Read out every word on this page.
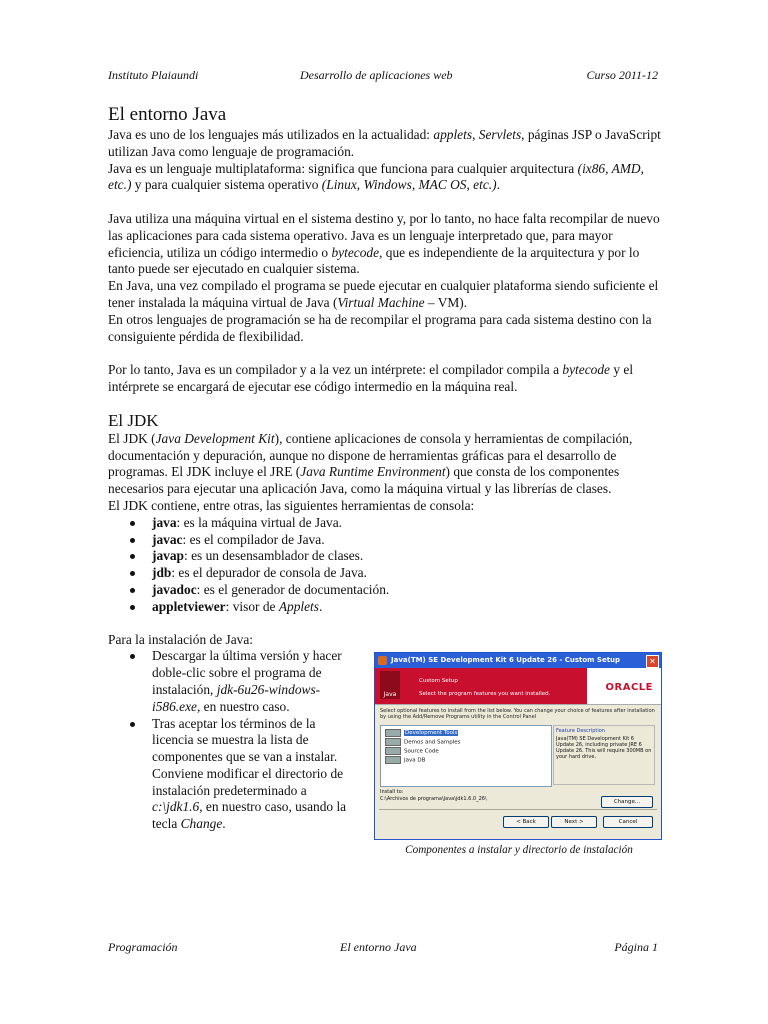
Instituto Plaiaundi	Desarrollo de aplicaciones web	Curso 2011-12
El entorno Java

Java es uno de los lenguajes más utilizados en la actualidad: applets, Servlets, páginas JSP o JavaScript utilizan Java como lenguaje de programación.

Java es un lenguaje multiplataforma: significa que funciona para cualquier arquitectura (ix86, AMD, etc.) y para cualquier sistema operativo (Linux, Windows, MAC OS, etc.).

Java utiliza una máquina virtual en el sistema destino y, por lo tanto, no hace falta recompilar de nuevo las aplicaciones para cada sistema operativo. Java es un lenguaje interpretado que, para mayor eficiencia, utiliza un código intermedio o bytecode, que es independiente de la arquitectura y por lo tanto puede ser ejecutado en cualquier sistema.

En Java, una vez compilado el programa se puede ejecutar en cualquier plataforma siendo suficiente el tener instalada la máquina virtual de Java (Virtual Machine – VM).

En otros lenguajes de programación se ha de recompilar el programa para cada sistema destino con la consiguiente pérdida de flexibilidad.

Por lo tanto, Java es un compilador y a la vez un intérprete: el compilador compila a bytecode y el intérprete se encargará de ejecutar ese código intermedio en la máquina real.

El JDK

El JDK (Java Development Kit), contiene aplicaciones de consola y herramientas de compilación, documentación y depuración, aunque no dispone de herramientas gráficas para el desarrollo de programas. El JDK incluye el JRE (Java Runtime Environment) que consta de los componentes necesarios para ejecutar una aplicación Java, como la máquina virtual y las librerías de clases.

El JDK contiene, entre otras, las siguientes herramientas de consola:

java: es la máquina virtual de Java.
javac: es el compilador de Java.
javap: es un desensamblador de clases.
jdb: es el depurador de consola de Java.
javadoc: es el generador de documentación.
appletviewer: visor de Applets.

Para la instalación de Java:

Descargar la última versión y hacer doble-clic sobre el programa de instalación, jdk-6u26-windows-i586.exe, en nuestro caso.
Tras aceptar los términos de la licencia se muestra la lista de componentes que se van a instalar. Conviene modificar el directorio de instalación predeterminado a c:\jdk1.6, en nuestro caso, usando la tecla Change.
Java(TM) SE Development Kit 6 Update 26 - Custom Setup	✕
Java
Custom Setup
Select the program features you want installed.
ORACLE
Select optional features to install from the list below. You can change your choice of features after installation by using the Add/Remove Programs utility in the Control Panel
Development Tools
Demos and Samples
Source Code
Java DB
Feature Description
Java(TM) SE Development Kit 6 Update 26, including private JRE 6 Update 26. This will require 300MB on your hard drive.
Install to:
C:\Archivos de programa\Java\jdk1.6.0_26\	Change...
< Back	Next >	Cancel
Componentes a instalar y directorio de instalación
Programación	El entorno Java	Página 1
